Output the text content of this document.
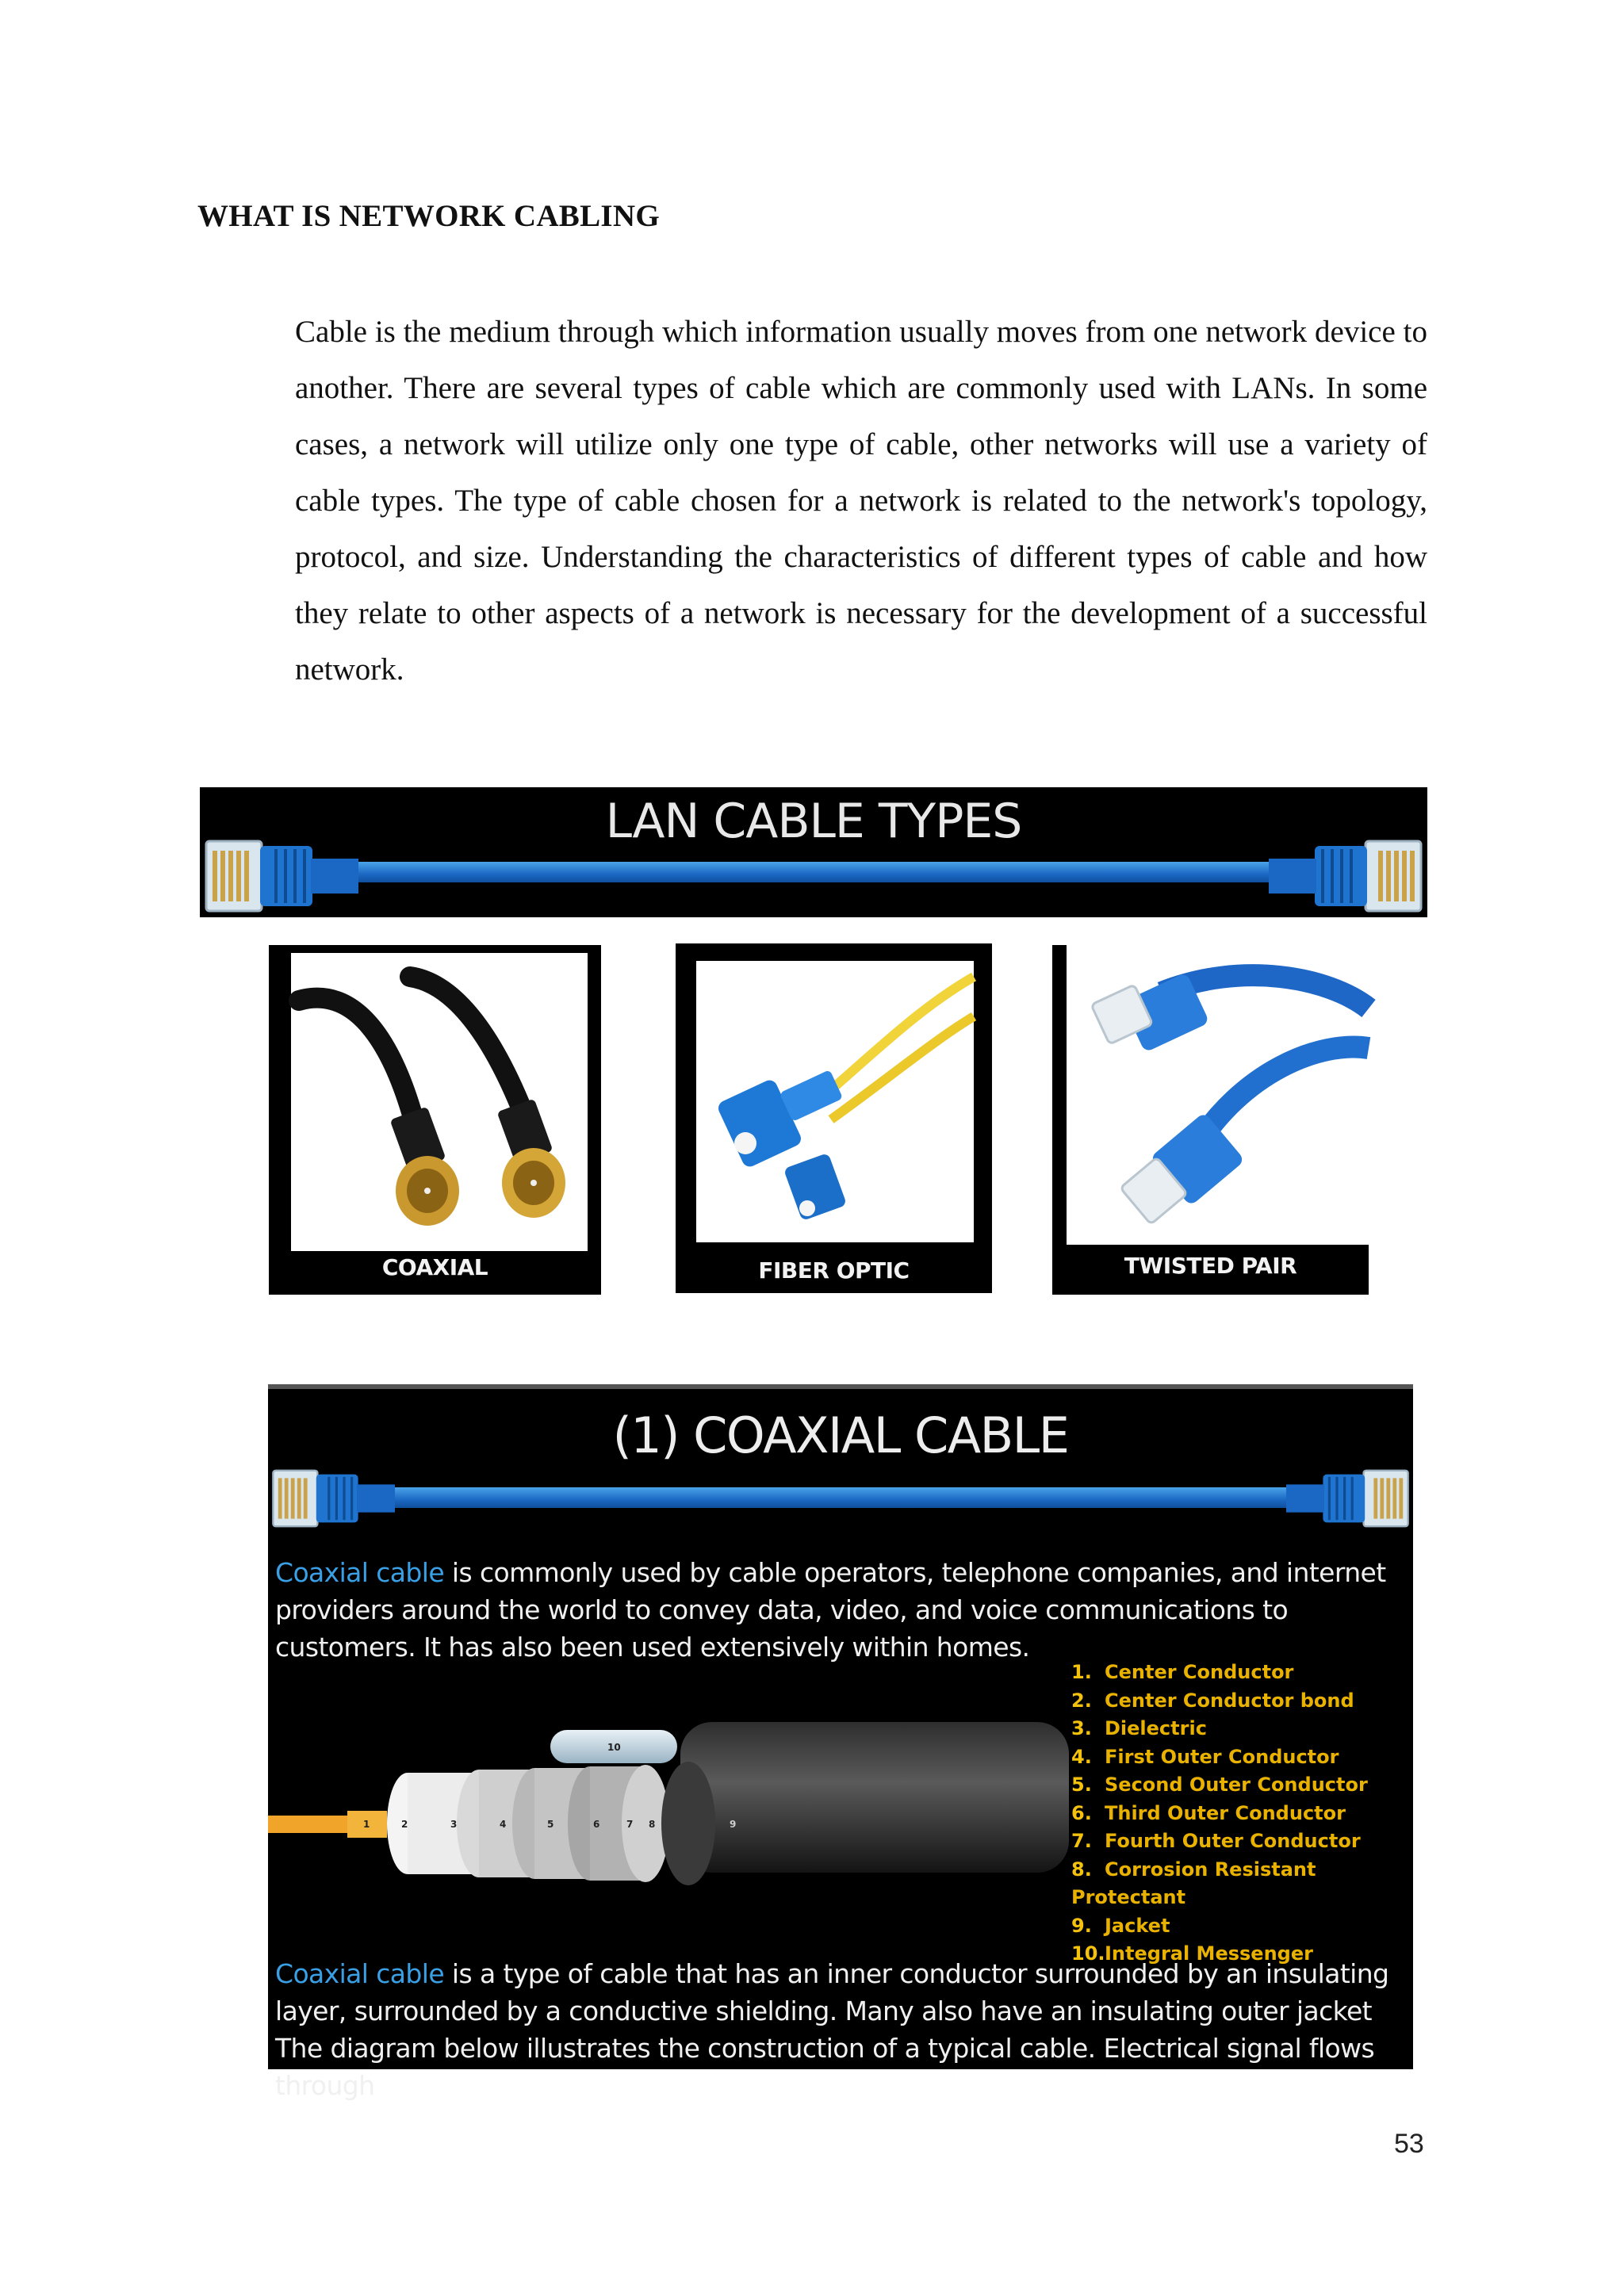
WHAT IS NETWORK CABLING
Cable is the medium through which information usually moves from one network device to another. There are several types of cable which are commonly used with LANs. In some cases, a network will utilize only one type of cable, other networks will use a variety of cable types. The type of cable chosen for a network is related to the network's topology, protocol, and size. Understanding the characteristics of different types of cable and how they relate to other aspects of a network is necessary for the development of a successful network.
LAN CABLE TYPES
COAXIAL	FIBER OPTIC	TWISTED PAIR
(1) COAXIAL CABLE
Coaxial cable is commonly used by cable operators, telephone companies, and internet providers around the world to convey data, video, and voice communications to customers. It has also been used extensively within homes.
1	2	3	4	5	6	7 8	9
10
1. Center Conductor
2. Center Conductor bond
3. Dielectric
4. First Outer Conductor
5. Second Outer Conductor
6. Third Outer Conductor
7. Fourth Outer Conductor
8. Corrosion Resistant Protectant
9. Jacket
10.Integral Messenger
Coaxial cable is a type of cable that has an inner conductor surrounded by an insulating layer, surrounded by a conductive shielding. Many also have an insulating outer jacket The diagram below illustrates the construction of a typical cable. Electrical signal flows through
53
